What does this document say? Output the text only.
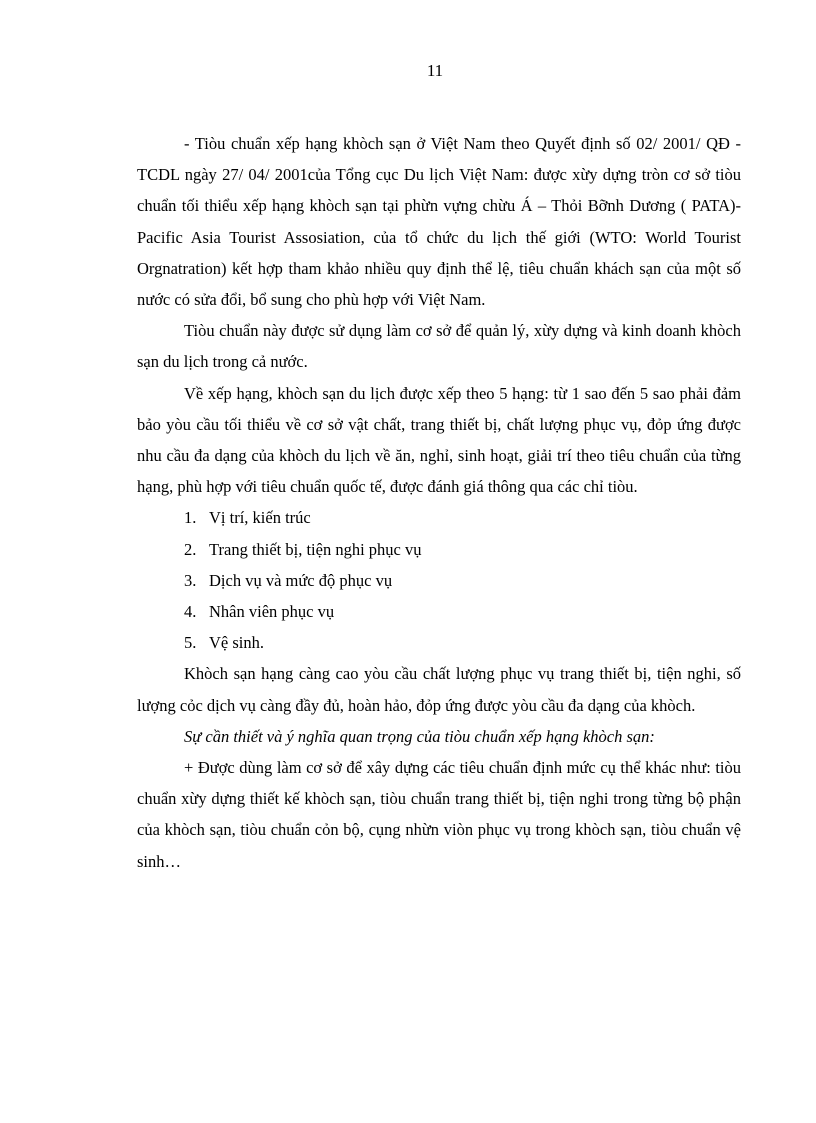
11

- Tiòu chuẩn xếp hạng khòch sạn ở Việt Nam theo Quyết định số 02/ 2001/ QĐ - TCDL ngày 27/ 04/ 2001của Tổng cục Du lịch Việt Nam: được xừy dựng tròn cơ sở tiòu chuẩn tối thiểu xếp hạng khòch sạn tại phừn vựng chừu Á – Thỏi Bỡnh Dương ( PATA)- Pacific Asia Tourist Assosiation, của tổ chức du lịch thế giới (WTO: World Tourist Orgnatration) kết hợp tham khảo nhiều quy định thể lệ, tiêu chuẩn khách sạn của một số nước có sửa đổi, bổ sung cho phù hợp với Việt Nam.

Tiòu chuẩn này được sử dụng làm cơ sở để quản lý, xừy dựng và kinh doanh khòch sạn du lịch trong cả nước.

Về xếp hạng, khòch sạn du lịch được xếp theo 5 hạng: từ 1 sao đến 5 sao phải đảm bảo yòu cầu tối thiểu về cơ sở vật chất, trang thiết bị, chất lượng phục vụ, đỏp ứng được nhu cầu đa dạng của khòch du lịch về ăn, nghỉ, sinh hoạt, giải trí theo tiêu chuẩn của từng hạng, phù hợp với tiêu chuẩn quốc tế, được đánh giá thông qua các chỉ tiòu.

1. Vị trí, kiến trúc
2. Trang thiết bị, tiện nghi phục vụ
3. Dịch vụ và mức độ phục vụ
4. Nhân viên phục vụ
5. Vệ sinh.

Khòch sạn hạng càng cao yòu cầu chất lượng phục vụ trang thiết bị, tiện nghi, số lượng cỏc dịch vụ càng đầy đủ, hoàn hảo, đỏp ứng được yòu cầu đa dạng của khòch.

Sự cần thiết và ý nghĩa quan trọng của tiòu chuẩn xếp hạng khòch sạn:

+ Được dùng làm cơ sở để xây dựng các tiêu chuẩn định mức cụ thể khác như: tiòu chuẩn xừy dựng thiết kế khòch sạn, tiòu chuẩn trang thiết bị, tiện nghi trong từng bộ phận của khòch sạn, tiòu chuẩn cỏn bộ, cụng nhừn viòn phục vụ trong khòch sạn, tiòu chuẩn vệ sinh…
